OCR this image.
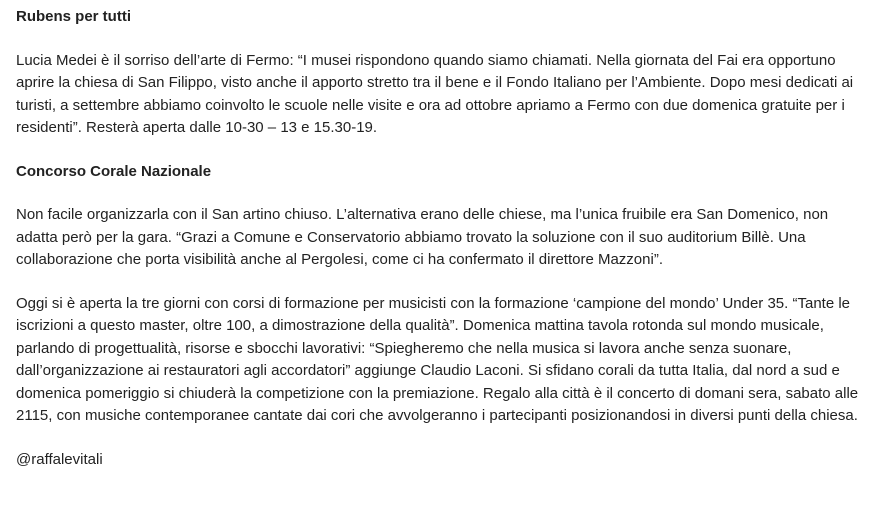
Rubens per tutti

Lucia Medei è il sorriso dell’arte di Fermo: “I musei rispondono quando siamo chiamati. Nella giornata del Fai era opportuno aprire la chiesa di San Filippo, visto anche il apporto stretto tra il bene e il Fondo Italiano per l’Ambiente. Dopo mesi dedicati ai turisti, a settembre abbiamo coinvolto le scuole nelle visite e ora ad ottobre apriamo a Fermo con due domenica gratuite per i residenti”. Resterà aperta dalle 10-30 – 13 e 15.30-19.

Concorso Corale Nazionale

Non facile organizzarla con il San artino chiuso. L’alternativa erano delle chiese, ma l’unica fruibile era San Domenico, non adatta però per la gara. “Grazi a Comune e Conservatorio abbiamo trovato la soluzione con il suo auditorium Billè. Una collaborazione che porta visibilità anche al Pergolesi, come ci ha confermato il direttore Mazzoni”.

Oggi si è aperta la tre giorni con corsi di formazione per musicisti con la formazione ‘campione del mondo’ Under 35. “Tante le iscrizioni a questo master, oltre 100, a dimostrazione della qualità”. Domenica mattina tavola rotonda sul mondo musicale, parlando di progettualità, risorse e sbocchi lavorativi: “Spiegheremo che nella musica si lavora anche senza suonare, dall’organizzazione ai restauratori agli accordatori” aggiunge Claudio Laconi. Si sfidano corali da tutta Italia, dal nord a sud e domenica pomeriggio si chiuderà la competizione con la premiazione. Regalo alla città è il concerto di domani sera, sabato alle 2115, con musiche contemporanee cantate dai cori che avvolgeranno i partecipanti posizionandosi in diversi punti della chiesa.

@raffalevitali
